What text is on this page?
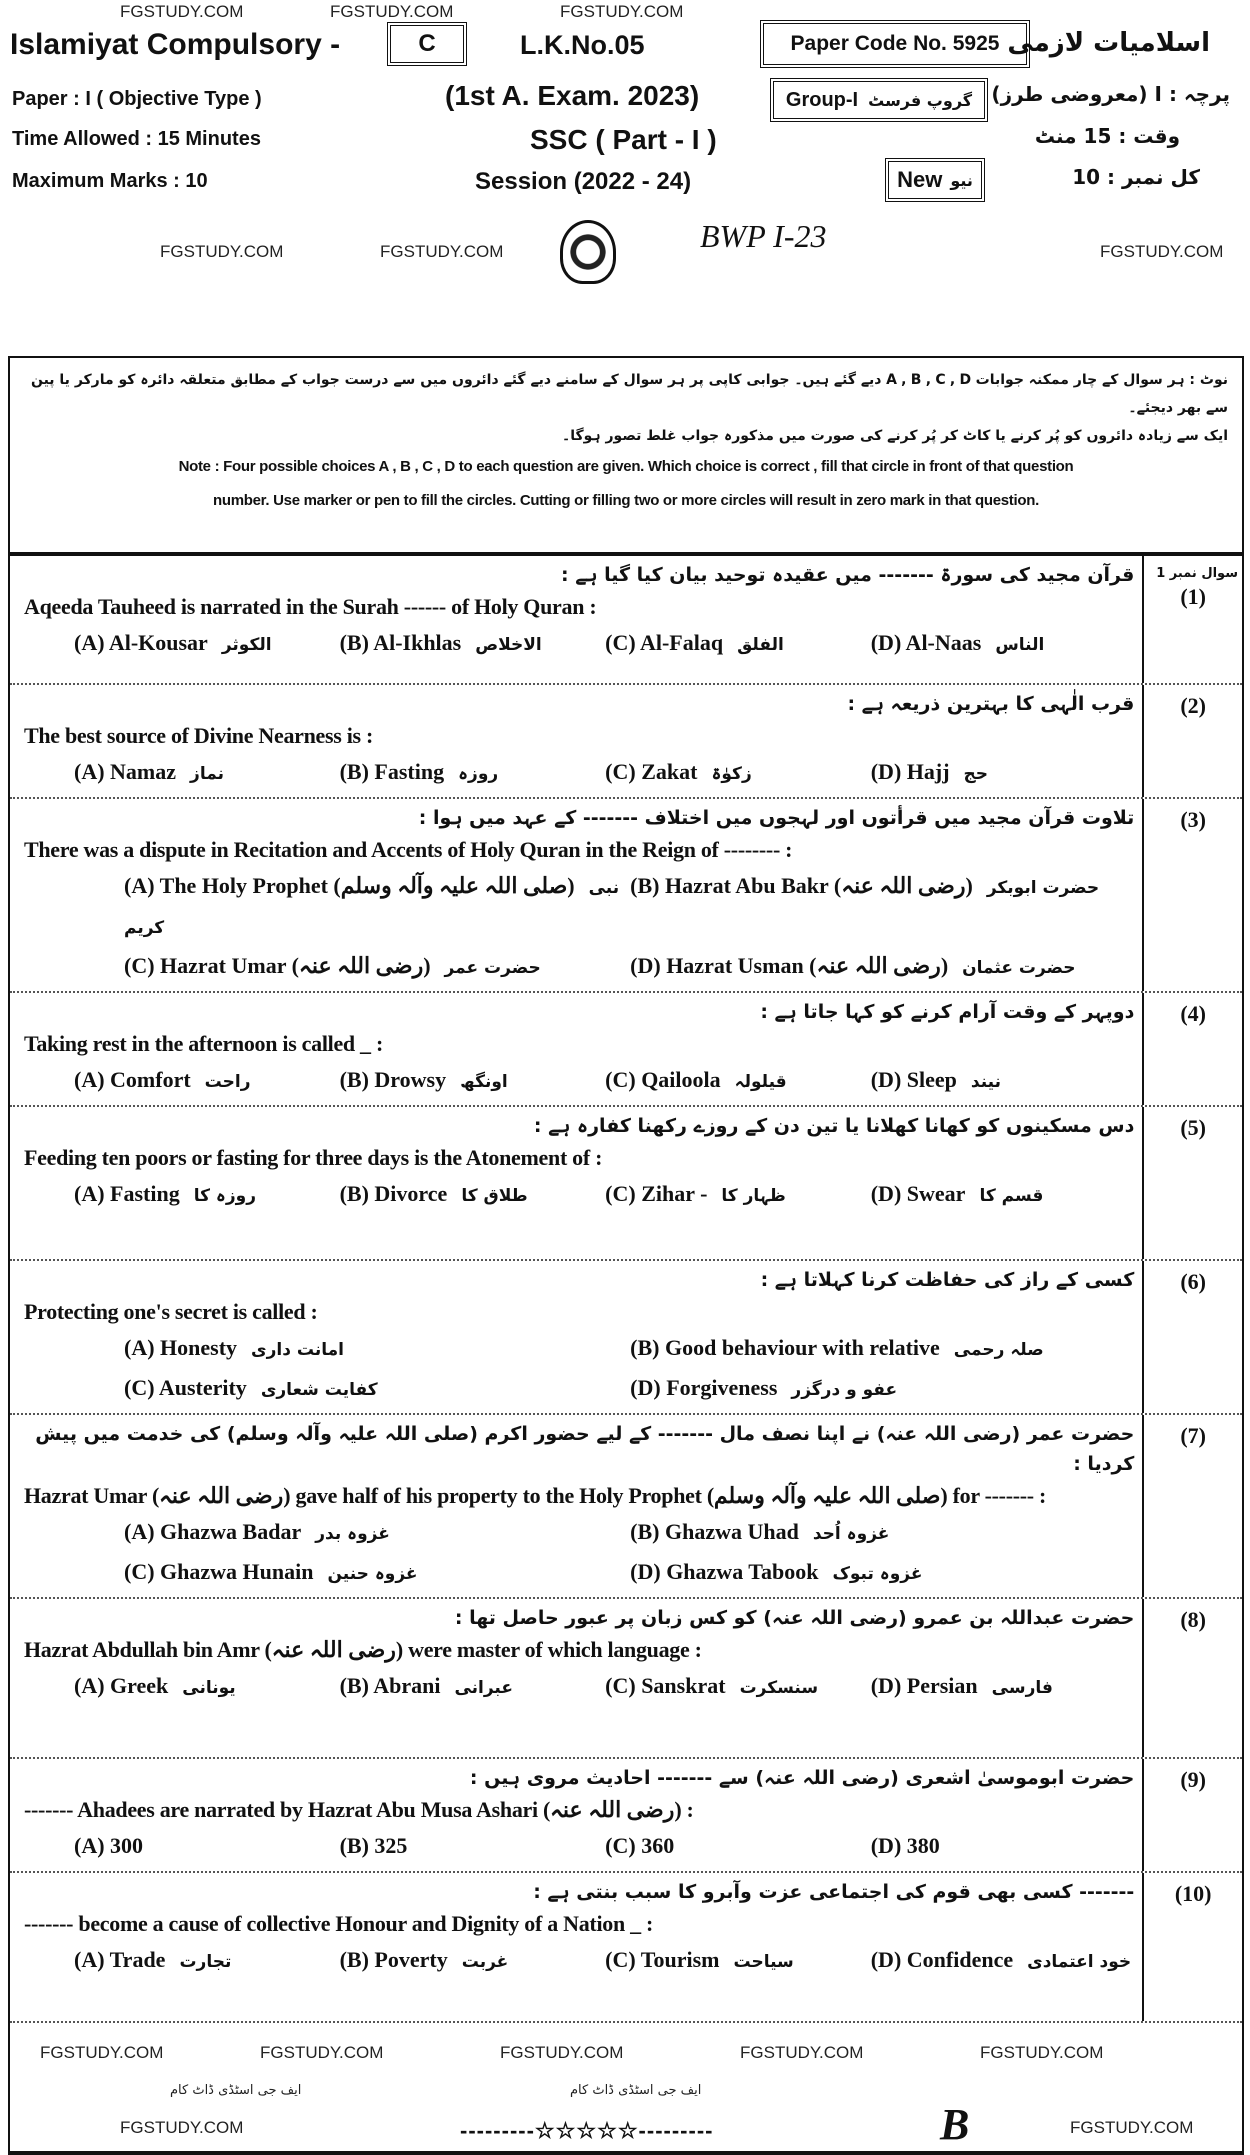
FGSTUDY.COM	FGSTUDY.COM	FGSTUDY.COM
FGSTUDY.COM	FGSTUDY.COM	FGSTUDY.COM
Islamiyat Compulsory -	C	L.K.No.05	Paper Code No. 5925 اسلامیات لازمی
Paper : I ( Objective Type )	(1st A. Exam. 2023)	Group-I گروپ فرسٹ پرچہ : I (معروضی طرز)
Time Allowed : 15 Minutes	SSC ( Part - I )	وقت : 15 منٹ
Maximum Marks : 10	Session (2022 - 24)	New نیو	کل نمبر : 10
BWP I-23
نوٹ : ہر سوال کے چار ممکنہ جوابات A , B , C , D دیے گئے ہیں۔ جوابی کاپی پر ہر سوال کے سامنے دیے گئے دائروں میں سے درست جواب کے مطابق متعلقہ دائرہ کو مارکر یا پین سے بھر دیجئے۔
ایک سے زیادہ دائروں کو پُر کرنے یا کاٹ کر پُر کرنے کی صورت میں مذکورہ جواب غلط تصور ہوگا۔
Note : Four possible choices A , B , C , D to each question are given. Which choice is correct , fill that circle in front of that question
number. Use marker or pen to fill the circles. Cutting or filling two or more circles will result in zero mark in that question.
قرآن مجید کی سورۃ ------- میں عقیدہ توحید بیان کیا گیا ہے :
Aqeeda Tauheed is narrated in the Surah ------ of Holy Quran :
(A) Al-Kousar الکوثر	(B) Al-Ikhlas الاخلاص	(C) Al-Falaq الفلق	(D) Al-Naas الناس
سوال نمبر 1
(1)
قرب الٰہی کا بہترین ذریعہ ہے :
The best source of Divine Nearness is :
(A) Namaz نماز	(B) Fasting روزہ	(C) Zakat زکوٰۃ	(D) Hajj حج
(2)
تلاوت قرآن مجید میں قرأتوں اور لہجوں میں اختلاف ------- کے عہد میں ہوا :
There was a dispute in Recitation and Accents of Holy Quran in the Reign of -------- :
(A) The Holy Prophet (صلی اللہ علیہ وآلہ وسلم) نبی کریم
(B) Hazrat Abu Bakr (رضی اللہ عنہ) حضرت ابوبکر
(C) Hazrat Umar (رضی اللہ عنہ) حضرت عمر	(D) Hazrat Usman (رضی اللہ عنہ) حضرت عثمان
(3)
دوپہر کے وقت آرام کرنے کو کہا جاتا ہے :
Taking rest in the afternoon is called _ :
(A) Comfort راحت	(B) Drowsy اونگھ	(C) Qailoola قیلولہ	(D) Sleep نیند
(4)
دس مسکینوں کو کھانا کھلانا یا تین دن کے روزے رکھنا کفارہ ہے :
Feeding ten poors or fasting for three days is the Atonement of :
(A) Fasting روزہ کا	(B) Divorce طلاق کا	(C) Zihar - ظہار کا	(D) Swear قسم کا
(5)
کسی کے راز کی حفاظت کرنا کہلاتا ہے :
Protecting one's secret is called :
(A) Honesty امانت داری	(B) Good behaviour with relative صلہ رحمی
(C) Austerity کفایت شعاری	(D) Forgiveness عفو و درگزر
(6)
حضرت عمر (رضی اللہ عنہ) نے اپنا نصف مال ------- کے لیے حضور اکرم (صلی اللہ علیہ وآلہ وسلم) کی خدمت میں پیش کردیا :
Hazrat Umar (رضی اللہ عنہ) gave half of his property to the Holy Prophet (صلی اللہ علیہ وآلہ وسلم) for ------- :
(A) Ghazwa Badar غزوہ بدر	(B) Ghazwa Uhad غزوہ اُحد
(C) Ghazwa Hunain غزوہ حنین	(D) Ghazwa Tabook غزوہ تبوک
(7)
حضرت عبداللہ بن عمرو (رضی اللہ عنہ) کو کس زبان پر عبور حاصل تھا :
Hazrat Abdullah bin Amr (رضی اللہ عنہ) were master of which language :
(A) Greek یونانی	(B) Abrani عبرانی	(C) Sanskrat سنسکرت	(D) Persian فارسی
(8)
حضرت ابوموسیٰ اشعری (رضی اللہ عنہ) سے ------- احادیث مروی ہیں :
------- Ahadees are narrated by Hazrat Abu Musa Ashari (رضی اللہ عنہ) :
(A) 300	(B) 325	(C) 360	(D) 380
(9)
------- کسی بھی قوم کی اجتماعی عزت وآبرو کا سبب بنتی ہے :
------- become a cause of collective Honour and Dignity of a Nation _ :
(A) Trade تجارت	(B) Poverty غربت	(C) Tourism سیاحت	(D) Confidence خود اعتمادی
(10)
FGSTUDY.COM	FGSTUDY.COM	FGSTUDY.COM	FGSTUDY.COM	FGSTUDY.COM
ایف جی اسٹڈی ڈاٹ کام	ایف جی اسٹڈی ڈاٹ کام
FGSTUDY.COM	FGSTUDY.COM
---------☆☆☆☆☆---------	B
